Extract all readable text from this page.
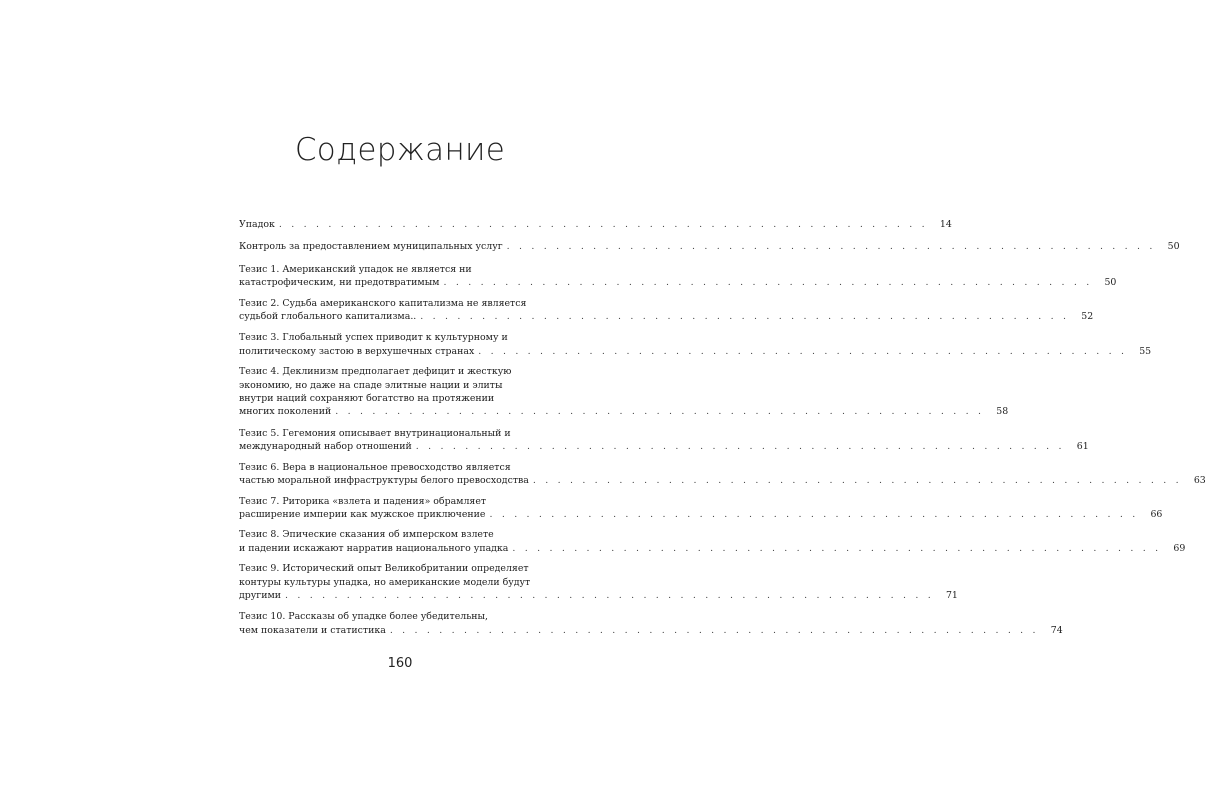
Содержание
Упадок . . . . . . . . . . . . . . . . . . . . . . . . . . . . . . . . . . . . . . . . . . . . . . . . . . . . .	14
Контроль за предоставлением муниципальных услуг . . . . . . . . . . . . . . . . . . . . . . . . . . . . . . . . . . . . . . . . . . . . . . . . . . . . .	50
Тезис 1. Американский упадок не является ни
катастрофическим, ни предотвратимым . . . . . . . . . . . . . . . . . . . . . . . . . . . . . . . . . . . . . . . . . . . . . . . . . . . . .	50
Тезис 2. Судьба американского капитализма не является
судьбой глобального капитализма.. . . . . . . . . . . . . . . . . . . . . . . . . . . . . . . . . . . . . . . . . . . . . . . . . . . . . .	52
Тезис 3. Глобальный успех приводит к культурному и
политическому застою в верхушечных странах . . . . . . . . . . . . . . . . . . . . . . . . . . . . . . . . . . . . . . . . . . . . . . . . . . . . .	55
Тезис 4. Деклинизм предполагает дефицит и жесткую
экономию, но даже на спаде элитные нации и элиты
внутри наций сохраняют богатство на протяжении
многих поколений . . . . . . . . . . . . . . . . . . . . . . . . . . . . . . . . . . . . . . . . . . . . . . . . . . . . .	58
Тезис 5. Гегемония описывает внутринациональный и
международный набор отношений . . . . . . . . . . . . . . . . . . . . . . . . . . . . . . . . . . . . . . . . . . . . . . . . . . . . .	61
Тезис 6. Вера в национальное превосходство является
частью моральной инфраструктуры белого превосходства . . . . . . . . . . . . . . . . . . . . . . . . . . . . . . . . . . . . . . . . . . . . . . . . . . . . .	63
Тезис 7. Риторика «взлета и падения» обрамляет
расширение империи как мужское приключение . . . . . . . . . . . . . . . . . . . . . . . . . . . . . . . . . . . . . . . . . . . . . . . . . . . . .	66
Тезис 8. Эпические сказания об имперском взлете
и падении искажают нарратив национального упадка . . . . . . . . . . . . . . . . . . . . . . . . . . . . . . . . . . . . . . . . . . . . . . . . . . . . .	69
Тезис 9. Исторический опыт Великобритании определяет
контуры культуры упадка, но американские модели будут
другими . . . . . . . . . . . . . . . . . . . . . . . . . . . . . . . . . . . . . . . . . . . . . . . . . . . . .	71
Тезис 10. Рассказы об упадке более убедительны,
чем показатели и статистика . . . . . . . . . . . . . . . . . . . . . . . . . . . . . . . . . . . . . . . . . . . . . . . . . . . . .	74
160
